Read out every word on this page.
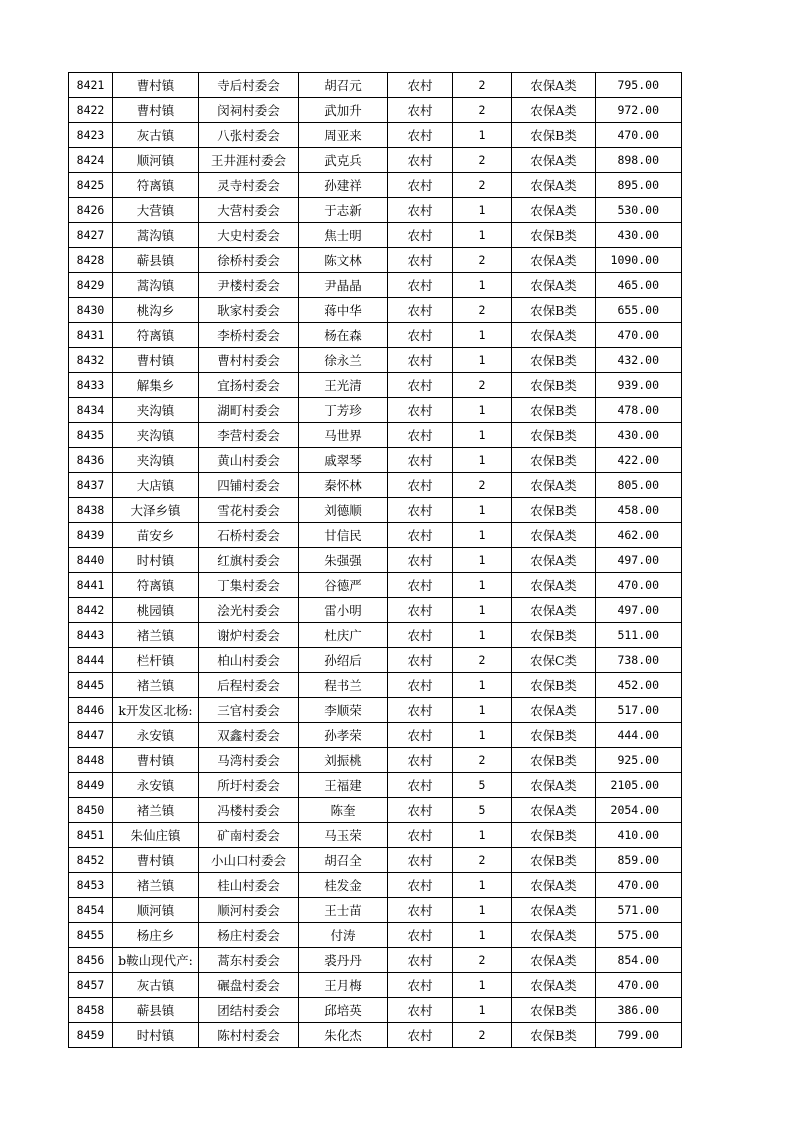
8421	曹村镇	寺后村委会	胡召元	农村	2	农保A类	795.00
8422	曹村镇	闵祠村委会	武加升	农村	2	农保A类	972.00
8423	灰古镇	八张村委会	周亚来	农村	1	农保B类	470.00
8424	顺河镇	王井涯村委会	武克兵	农村	2	农保A类	898.00
8425	符离镇	灵寺村委会	孙建祥	农村	2	农保A类	895.00
8426	大营镇	大营村委会	于志新	农村	1	农保A类	530.00
8427	蒿沟镇	大史村委会	焦士明	农村	1	农保B类	430.00
8428	蕲县镇	徐桥村委会	陈文林	农村	2	农保A类	1090.00
8429	蒿沟镇	尹楼村委会	尹晶晶	农村	1	农保A类	465.00
8430	桃沟乡	耿家村委会	蒋中华	农村	2	农保B类	655.00
8431	符离镇	李桥村委会	杨在森	农村	1	农保A类	470.00
8432	曹村镇	曹村村委会	徐永兰	农村	1	农保B类	432.00
8433	解集乡	宜扬村委会	王光清	农村	2	农保B类	939.00
8434	夹沟镇	湖町村委会	丁芳珍	农村	1	农保B类	478.00
8435	夹沟镇	李营村委会	马世界	农村	1	农保B类	430.00
8436	夹沟镇	黄山村委会	戚翠琴	农村	1	农保B类	422.00
8437	大店镇	四铺村委会	秦怀林	农村	2	农保A类	805.00
8438	大泽乡镇	雪花村委会	刘德顺	农村	1	农保B类	458.00
8439	苗安乡	石桥村委会	甘信民	农村	1	农保A类	462.00
8440	时村镇	红旗村委会	朱强强	农村	1	农保A类	497.00
8441	符离镇	丁集村委会	谷德严	农村	1	农保A类	470.00
8442	桃园镇	浍光村委会	雷小明	农村	1	农保A类	497.00
8443	褚兰镇	谢炉村委会	杜庆广	农村	1	农保B类	511.00
8444	栏杆镇	柏山村委会	孙绍后	农村	2	农保C类	738.00
8445	褚兰镇	后程村委会	程书兰	农村	1	农保B类	452.00
8446	k开发区北杨:	三官村委会	李顺荣	农村	1	农保A类	517.00
8447	永安镇	双鑫村委会	孙孝荣	农村	1	农保B类	444.00
8448	曹村镇	马湾村委会	刘振桃	农村	2	农保B类	925.00
8449	永安镇	所圩村委会	王福建	农村	5	农保A类	2105.00
8450	褚兰镇	冯楼村委会	陈奎	农村	5	农保A类	2054.00
8451	朱仙庄镇	矿南村委会	马玉荣	农村	1	农保B类	410.00
8452	曹村镇	小山口村委会	胡召全	农村	2	农保B类	859.00
8453	褚兰镇	桂山村委会	桂发金	农村	1	农保A类	470.00
8454	顺河镇	顺河村委会	王士苗	农村	1	农保A类	571.00
8455	杨庄乡	杨庄村委会	付涛	农村	1	农保A类	575.00
8456	b鞍山现代产:	蒿东村委会	裘丹丹	农村	2	农保A类	854.00
8457	灰古镇	碾盘村委会	王月梅	农村	1	农保A类	470.00
8458	蕲县镇	团结村委会	邱培英	农村	1	农保B类	386.00
8459	时村镇	陈村村委会	朱化杰	农村	2	农保B类	799.00
